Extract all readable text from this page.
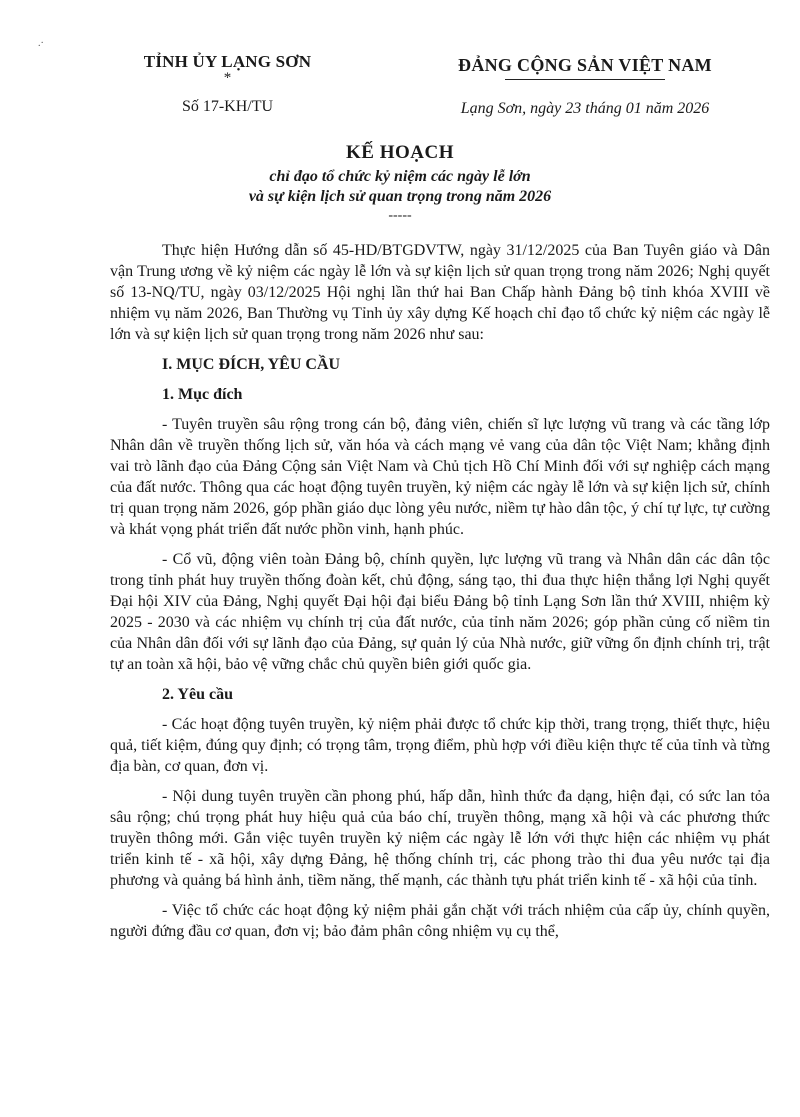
.·
TỈNH ỦY LẠNG SƠN
*
Số 17-KH/TU
ĐẢNG CỘNG SẢN VIỆT NAM
Lạng Sơn, ngày 23 tháng 01 năm 2026
KẾ HOẠCH
chỉ đạo tổ chức kỷ niệm các ngày lễ lớn
và sự kiện lịch sử quan trọng trong năm 2026
-----

Thực hiện Hướng dẫn số 45-HD/BTGDVTW, ngày 31/12/2025 của Ban Tuyên giáo và Dân vận Trung ương về kỷ niệm các ngày lễ lớn và sự kiện lịch sử quan trọng trong năm 2026; Nghị quyết số 13-NQ/TU, ngày 03/12/2025 Hội nghị lần thứ hai Ban Chấp hành Đảng bộ tỉnh khóa XVIII về nhiệm vụ năm 2026, Ban Thường vụ Tỉnh ủy xây dựng Kế hoạch chỉ đạo tổ chức kỷ niệm các ngày lễ lớn và sự kiện lịch sử quan trọng trong năm 2026 như sau:

I. MỤC ĐÍCH, YÊU CẦU
1. Mục đích

- Tuyên truyền sâu rộng trong cán bộ, đảng viên, chiến sĩ lực lượng vũ trang và các tầng lớp Nhân dân về truyền thống lịch sử, văn hóa và cách mạng vẻ vang của dân tộc Việt Nam; khẳng định vai trò lãnh đạo của Đảng Cộng sản Việt Nam và Chủ tịch Hồ Chí Minh đối với sự nghiệp cách mạng của đất nước. Thông qua các hoạt động tuyên truyền, kỷ niệm các ngày lễ lớn và sự kiện lịch sử, chính trị quan trọng năm 2026, góp phần giáo dục lòng yêu nước, niềm tự hào dân tộc, ý chí tự lực, tự cường và khát vọng phát triển đất nước phồn vinh, hạnh phúc.

- Cổ vũ, động viên toàn Đảng bộ, chính quyền, lực lượng vũ trang và Nhân dân các dân tộc trong tỉnh phát huy truyền thống đoàn kết, chủ động, sáng tạo, thi đua thực hiện thắng lợi Nghị quyết Đại hội XIV của Đảng, Nghị quyết Đại hội đại biểu Đảng bộ tỉnh Lạng Sơn lần thứ XVIII, nhiệm kỳ 2025 - 2030 và các nhiệm vụ chính trị của đất nước, của tỉnh năm 2026; góp phần củng cố niềm tin của Nhân dân đối với sự lãnh đạo của Đảng, sự quản lý của Nhà nước, giữ vững ổn định chính trị, trật tự an toàn xã hội, bảo vệ vững chắc chủ quyền biên giới quốc gia.

2. Yêu cầu

- Các hoạt động tuyên truyền, kỷ niệm phải được tổ chức kịp thời, trang trọng, thiết thực, hiệu quả, tiết kiệm, đúng quy định; có trọng tâm, trọng điểm, phù hợp với điều kiện thực tế của tỉnh và từng địa bàn, cơ quan, đơn vị.

- Nội dung tuyên truyền cần phong phú, hấp dẫn, hình thức đa dạng, hiện đại, có sức lan tỏa sâu rộng; chú trọng phát huy hiệu quả của báo chí, truyền thông, mạng xã hội và các phương thức truyền thông mới. Gắn việc tuyên truyền kỷ niệm các ngày lễ lớn với thực hiện các nhiệm vụ phát triển kinh tế - xã hội, xây dựng Đảng, hệ thống chính trị, các phong trào thi đua yêu nước tại địa phương và quảng bá hình ảnh, tiềm năng, thế mạnh, các thành tựu phát triển kinh tế - xã hội của tỉnh.

- Việc tổ chức các hoạt động kỷ niệm phải gắn chặt với trách nhiệm của cấp ủy, chính quyền, người đứng đầu cơ quan, đơn vị; bảo đảm phân công nhiệm vụ cụ thể,
